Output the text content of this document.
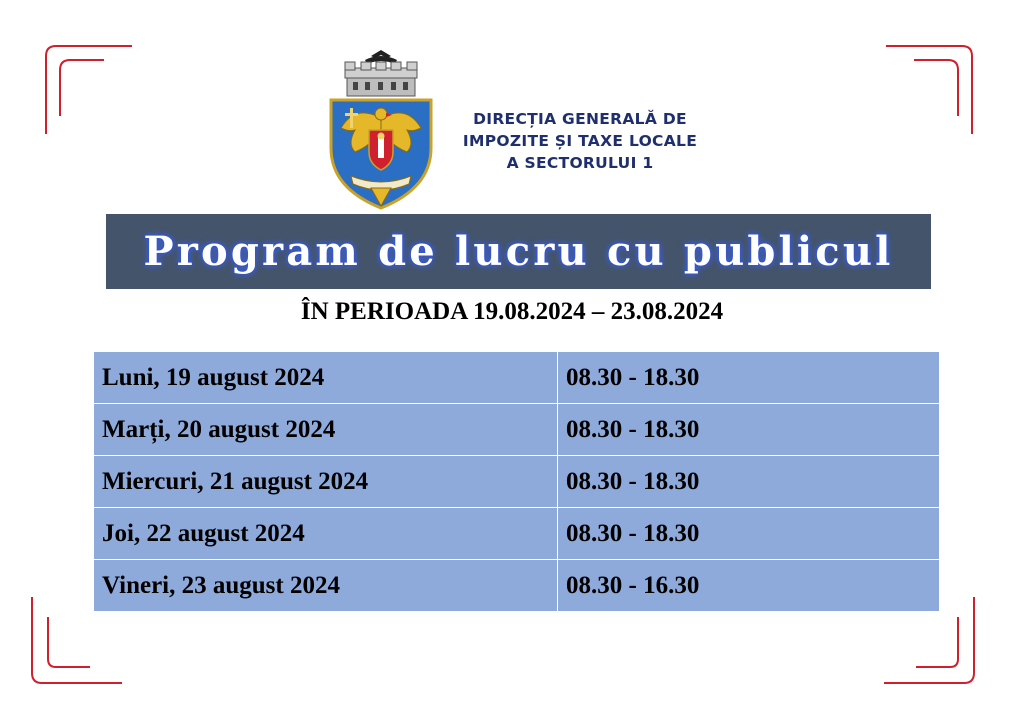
DIRECȚIA GENERALĂ DE
IMPOZITE ȘI TAXE LOCALE
A SECTORULUI 1
Program de lucru cu publicul
ÎN PERIOADA 19.08.2024 – 23.08.2024
Luni, 19 august 2024	08.30 - 18.30
Marți, 20 august 2024	08.30 - 18.30
Miercuri, 21 august 2024	08.30 - 18.30
Joi, 22 august 2024	08.30 - 18.30
Vineri, 23 august 2024	08.30 - 16.30
